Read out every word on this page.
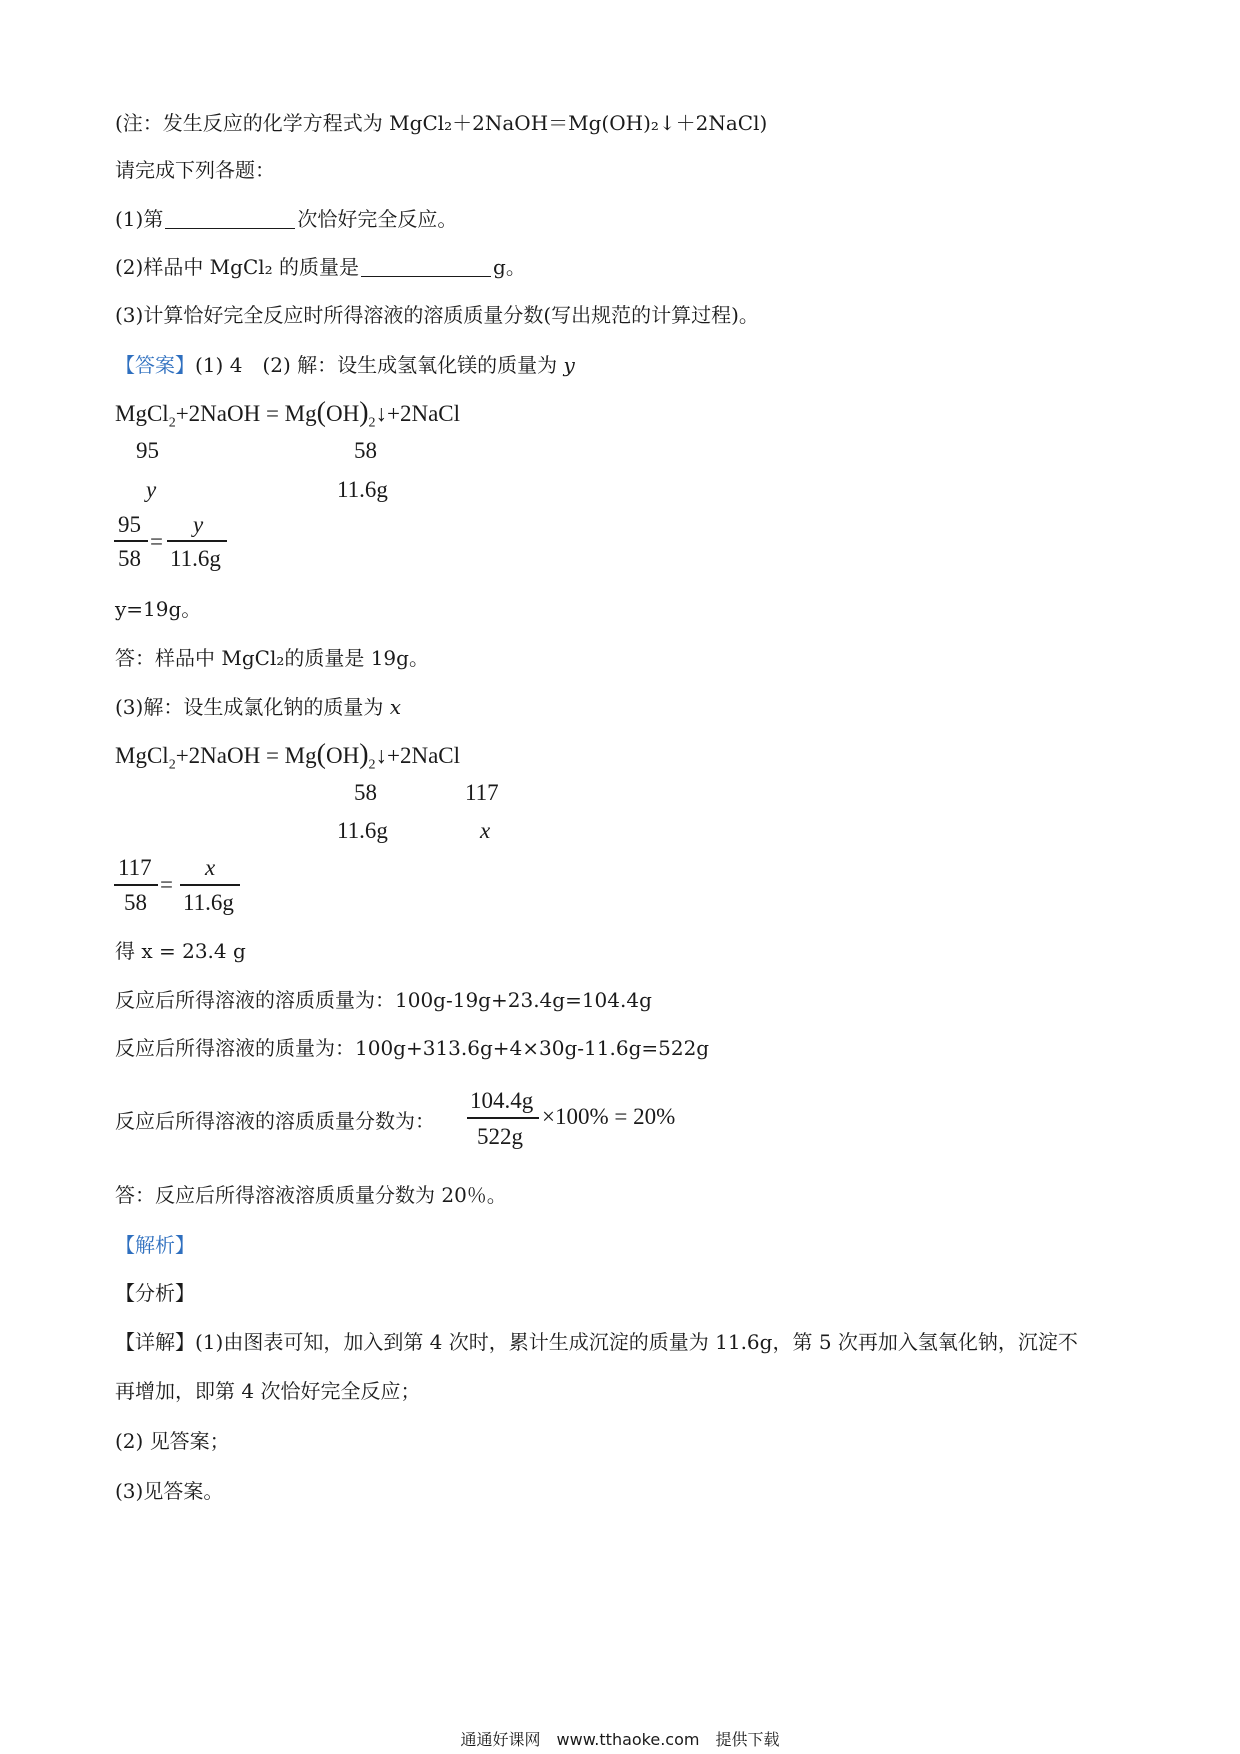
(注：发生反应的化学方程式为 MgCl₂＋2NaOH＝Mg(OH)₂↓＋2NaCl)
请完成下列各题：
(1)第	次恰好完全反应。
(2)样品中 MgCl₂ 的质量是	g。
(3)计算恰好完全反应时所得溶液的溶质质量分数(写出规范的计算过程)。
【答案】(1) 4　(2) 解：设生成氢氧化镁的质量为 y
MgCl$_2$+2NaOH = $Mg(OH)_2↓+2NaCl$
95	58
y	11.6g
95
58
=
y
11.6g
y=19g。
答：样品中 MgCl₂的质量是 19g。
(3)解：设生成氯化钠的质量为 x
MgCl$_2$+2NaOH = $Mg(OH)_2↓+2NaCl$
58	117
11.6g	x
117
58
=
x
11.6g
得 x = 23.4 g
反应后所得溶液的溶质质量为：100g-19g+23.4g=104.4g
反应后所得溶液的质量为：100g+313.6g+4×30g-11.6g=522g
反应后所得溶液的溶质质量分数为：
104.4g
522g
×100% = 20%
答：反应后所得溶液溶质质量分数为 20％。
【解析】
【分析】
【详解】(1)由图表可知，加入到第 4 次时，累计生成沉淀的质量为 11.6g，第 5 次再加入氢氧化钠，沉淀不
再增加，即第 4 次恰好完全反应；
(2) 见答案；
(3)见答案。
通通好课网　www.tthaoke.com　提供下载
